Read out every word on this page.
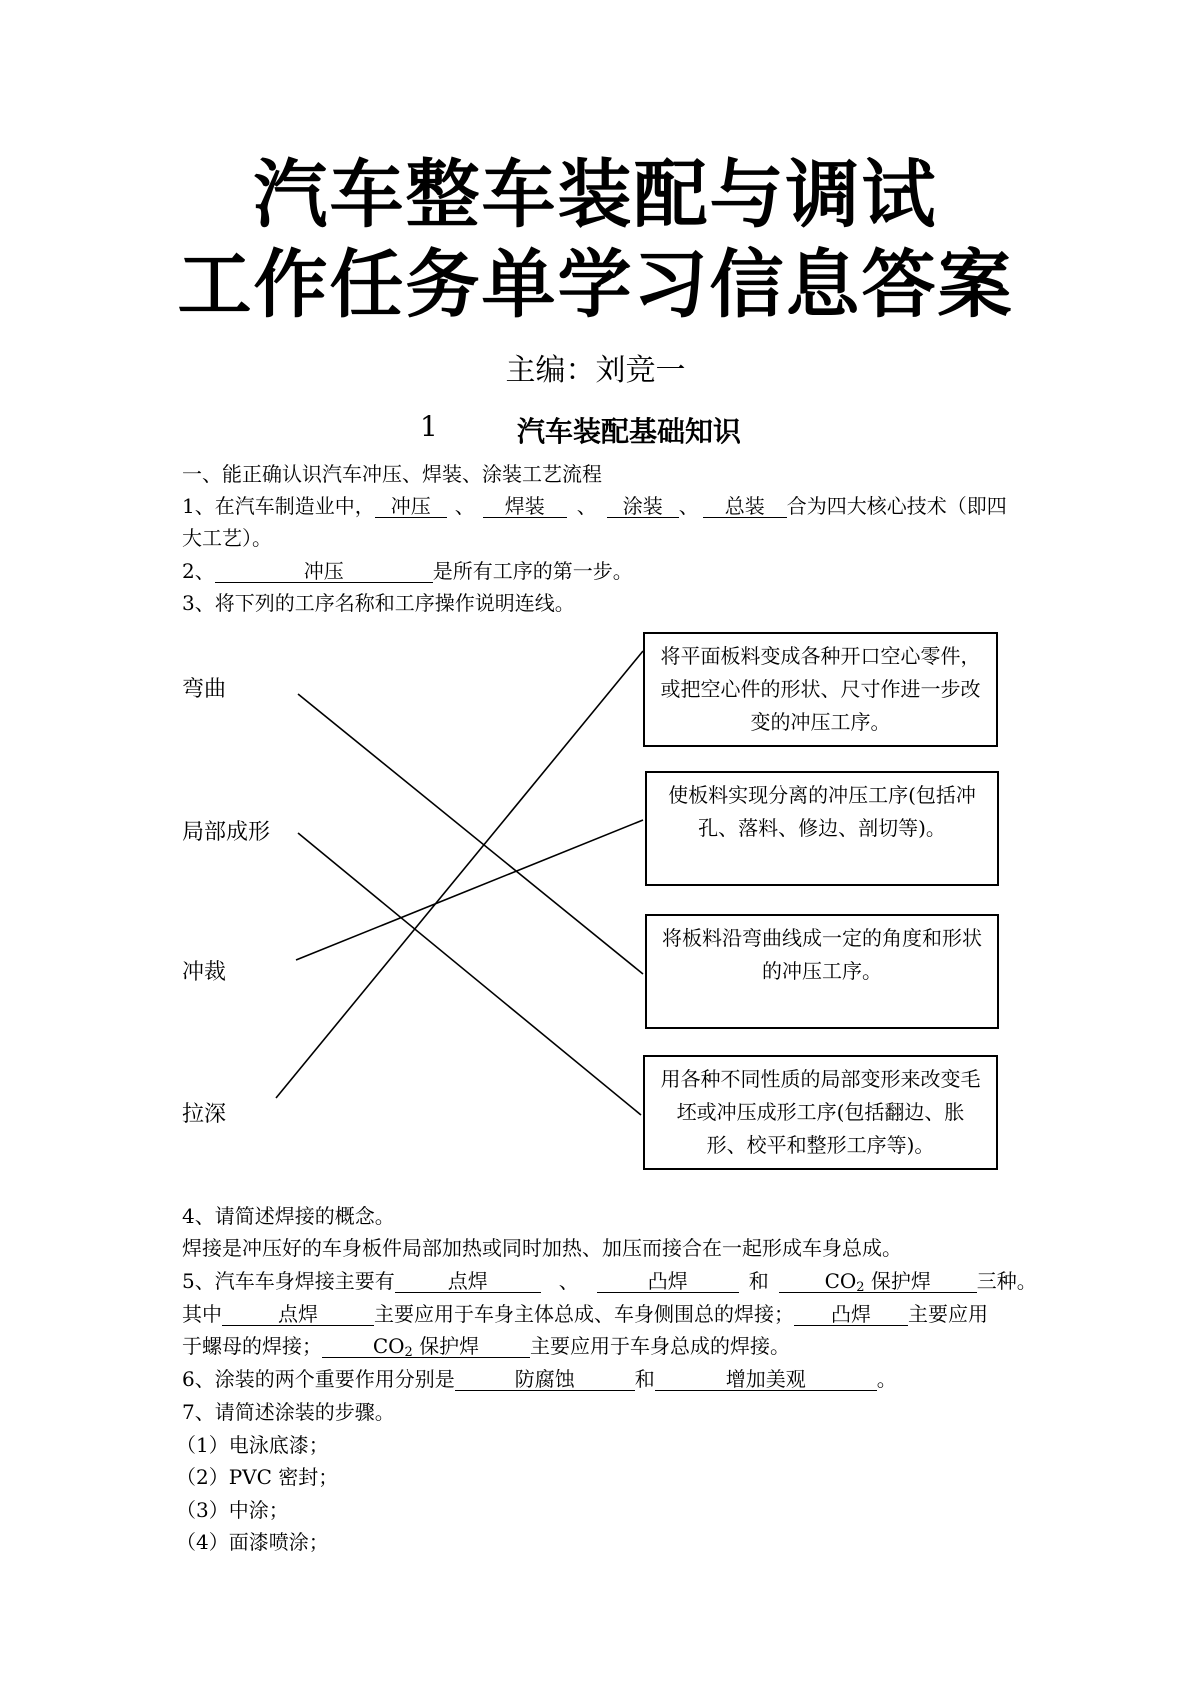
汽车整车装配与调试
工作任务单学习信息答案
主编：刘竞一
1	汽车装配基础知识
一、能正确认识汽车冲压、焊装、涂装工艺流程
1、在汽车制造业中， 冲压 、 焊装 、 涂装 、 总装 合为四大核心技术（即四
大工艺）。
2、	冲压	是所有工序的第一步。
3、将下列的工序名称和工序操作说明连线。
弯曲
局部成形
冲裁
拉深
将平面板料变成各种开口空心零件，或把空心件的形状、尺寸作进一步改变的冲压工序。
使板料实现分离的冲压工序(包括冲孔、落料、修边、剖切等)。
将板料沿弯曲线成一定的角度和形状的冲压工序。
用各种不同性质的局部变形来改变毛坯或冲压成形工序(包括翻边、胀形、校平和整形工序等)。
4、请简述焊接的概念。
焊接是冲压好的车身板件局部加热或同时加热、加压而接合在一起形成车身总成。
5、汽车车身焊接主要有	点焊	、	凸焊	和	$CO_2$ 保护焊 三种。
其中	点焊	主要应用于车身主体总成、车身侧围总的焊接； 凸焊 主要应用
于螺母的焊接；	$CO_2$ 保护焊	主要应用于车身总成的焊接。
6、涂装的两个重要作用分别是	防腐蚀	和	增加美观	。
7、请简述涂装的步骤。
（1）电泳底漆；
（2）PVC 密封；
（3）中涂；
（4）面漆喷涂；
